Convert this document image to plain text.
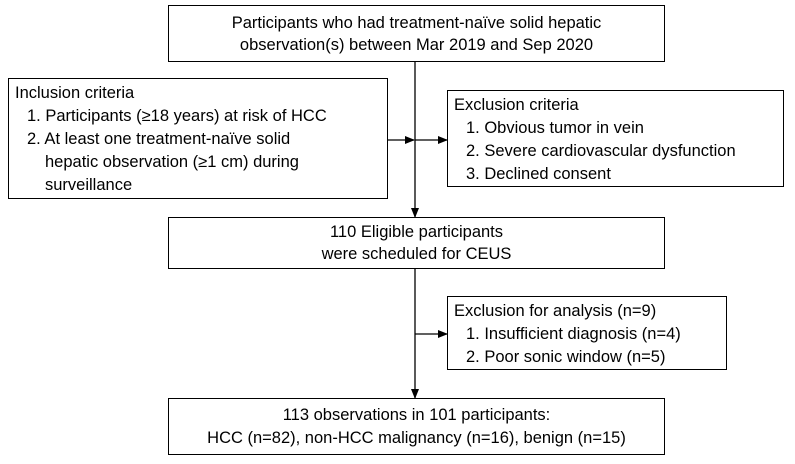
Participants who had treatment-naïve solid hepatic
observation(s) between Mar 2019 and Sep 2020
Inclusion criteria
1. Participants (≥18 years) at risk of HCC
2. At least one treatment-naïve solid
hepatic observation (≥1 cm) during
surveillance
Exclusion criteria
1. Obvious tumor in vein
2. Severe cardiovascular dysfunction
3. Declined consent
110 Eligible participants
were scheduled for CEUS
Exclusion for analysis (n=9)
1. Insufficient diagnosis (n=4)
2. Poor sonic window (n=5)
113 observations in 101 participants:
HCC (n=82), non-HCC malignancy (n=16), benign (n=15)
